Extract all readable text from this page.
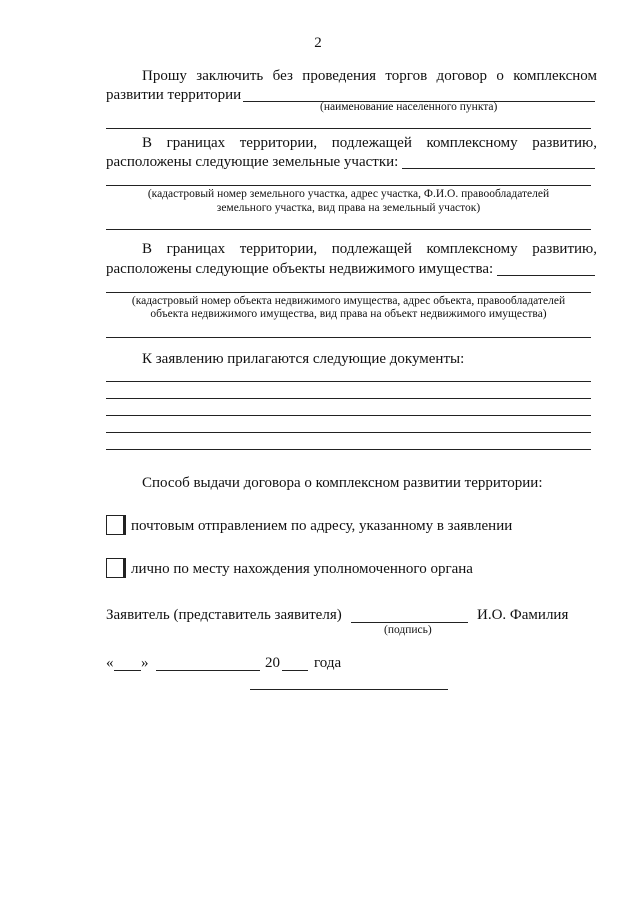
2
Прошу заключить без проведения торгов договор о комплексном
развитии территории
(наименование населенного пункта)
В границах территории, подлежащей комплексному развитию,
расположены следующие земельные участки:
(кадастровый номер земельного участка, адрес участка, Ф.И.О. правообладателей
земельного участка, вид права на земельный участок)
В границах территории, подлежащей комплексному развитию,
расположены следующие объекты недвижимого имущества:
(кадастровый номер объекта недвижимого имущества, адрес объекта, правообладателей
объекта недвижимого имущества, вид права на объект недвижимого имущества)
К заявлению прилагаются следующие документы:
Способ выдачи договора о комплексном развитии территории:
почтовым отправлением по адресу, указанному в заявлении
лично по месту нахождения уполномоченного органа
Заявитель (представитель заявителя)	И.О. Фамилия
(подпись)
« »	20 года
